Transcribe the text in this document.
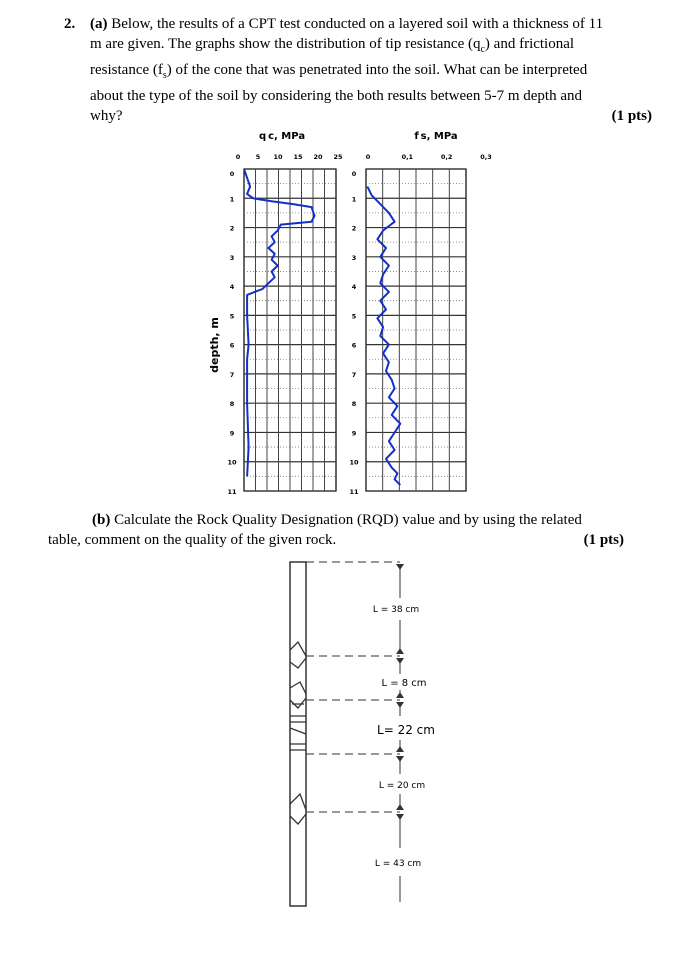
2. (a) Below, the results of a CPT test conducted on a layered soil with a thickness of 11
m are given. The graphs show the distribution of tip resistance $(q_c)$ and frictional
resistance $(f_s)$ of the cone that was penetrated into the soil. What can be interpreted
about the type of the soil by considering the both results between 5-7 m depth and
why?	(1 pts)
depth, m
q c, MPa	f s, MPa
0 5 10 15 20 25
0
1
2
3
4
5
6
7
8
9
10
11
0	0,1	0,2	0,3
0
1
2
3
4
5
6
7
8
9
10
11
(b) Calculate the Rock Quality Designation (RQD) value and by using the related
table, comment on the quality of the given rock.	(1 pts)
L = 38 cm
L = 8 cm
L= 22 cm
L = 20 cm
L = 43 cm
